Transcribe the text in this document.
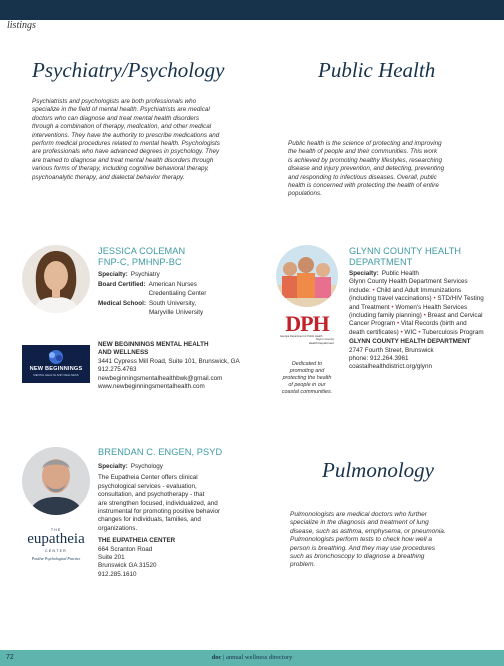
listings
Psychiatry/Psychology
Psychiatrists and psychologists are both professionals who
specialize in the field of mental health. Psychiatrists are medical
doctors who can diagnose and treat mental health disorders
through a combination of therapy, medication, and other medical
interventions. They have the authority to prescribe medications and
perform medical procedures related to mental health. Psychologists
are professionals who have advanced degrees in psychology. They
are trained to diagnose and treat mental health disorders through
various forms of therapy, including cognitive behavioral therapy,
psychoanalytic therapy, and dialectal behavior therapy.
Public Health
Public health is the science of protecting and improving
the health of people and their communities. This work
is achieved by promoting healthy lifestyles, researching
disease and injury prevention, and detecting, preventing
and responding to infectious diseases. Overall, public
health is concerned with protecting the health of entire
populations.
NEW BEGINNINGS
MENTAL HEALTH AND WELLNESS
JESSICA COLEMAN
FNP-C, PMHNP-BC
Specialty: Psychiatry
Board Certified: American Nurses
Credentialing Center
Medical School: South University,
Maryville University
NEW BEGINNINGS MENTAL HEALTH
AND WELLNESS
3441 Cypress Mill Road, Suite 101, Brunswick, GA
912.275.4763
newbeginningsmentalhealthbwk@gmail.com
www.newbeginningsmentalhealth.com
DPH
Georgia Department of Public Health
Glynn County
Health Department
Dedicated to
promoting and
protecting the health
of people in our
coastal communities.
GLYNN COUNTY HEALTH
DEPARTMENT
Specialty: Public Health
Glynn County Health Department Services
include: • Child and Adult Immunizations (including travel vaccinations) • STD/HIV Testing and Treatment • Women's Health Services (including family planning) • Breast and Cervical Cancer Program • Vital Records (birth and death certificates) • WIC • Tuberculosis Program
GLYNN COUNTY HEALTH DEPARTMENT
2747 Fourth Street, Brunswick
phone: 912.264.3961
coastalhealthdistrict.org/glynn
THE
eupatheia
CENTER
Positive Psychological Practice
BRENDAN C. ENGEN, PSYD
Specialty: Psychology
The Eupatheia Center offers clinical
psychological services - evaluation,
consultation, and psychotherapy - that
are strengthen focused, individualized, and
instrumental for promoting positive behavior
changes for individuals, families, and
organizations.
THE EUPATHEIA CENTER
664 Scranton Road
Suite 201
Brunswick GA 31520
912.285.1610
Pulmonology
Pulmonologists are medical doctors who further
specialize in the diagnosis and treatment of lung
disease, such as asthma, emphysema, or pneumonia.
Pulmonologists perform tests to check how well a
person is breathing. And they may use procedures
such as bronchoscopy to diagnose a breathing
problem.
72	doc | annual wellness directory
